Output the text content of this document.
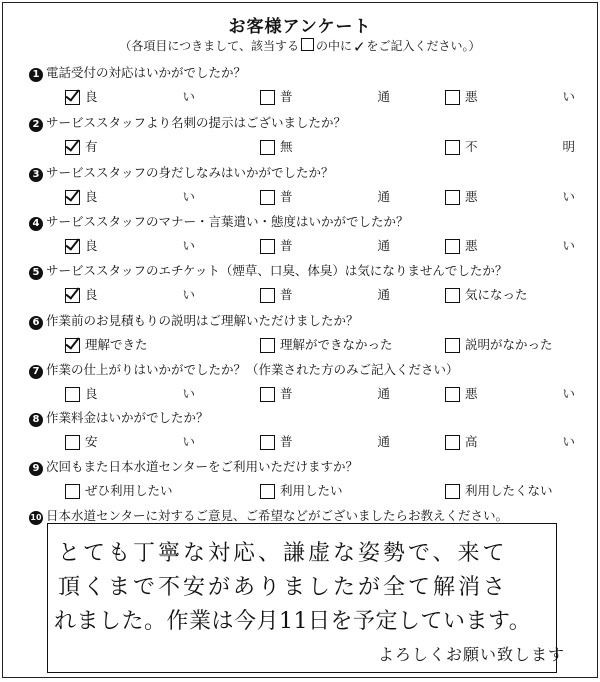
お客様アンケート
（各項目につきまして、該当する の中に✓をご記入ください。）
1 電話受付の対応はいかがでしたか？
良	い	普	通	悪	い
2 サービススタッフより名刺の提示はございましたか？
有	無	不	明
3 サービススタッフの身だしなみはいかがでしたか？
良	い	普	通	悪	い
4 サービススタッフのマナー・言葉遣い・態度はいかがでしたか？
良	い	普	通	悪	い
5 サービススタッフのエチケット（煙草、口臭、体臭）は気になりませんでしたか？
良	い	普	通	気になった
6 作業前のお見積もりの説明はご理解いただけましたか？
理解できた	理解ができなかった	説明がなかった
7 作業の仕上がりはいかがでしたか？（作業された方のみご記入ください）
良	い	普	通	悪	い
8 作業料金はいかがでしたか？
安	い	普	通	高	い
9 次回もまた日本水道センターをご利用いただけますか？
ぜひ利用したい	利用したい	利用したくない
10 日本水道センターに対するご意見、ご希望などがございましたらお教えください。
とても丁寧な対応、謙虚な姿勢で、来て
頂くまで不安がありましたが全て解消さ
れました。作業は今月11日を予定しています。
よろしくお願い致します
